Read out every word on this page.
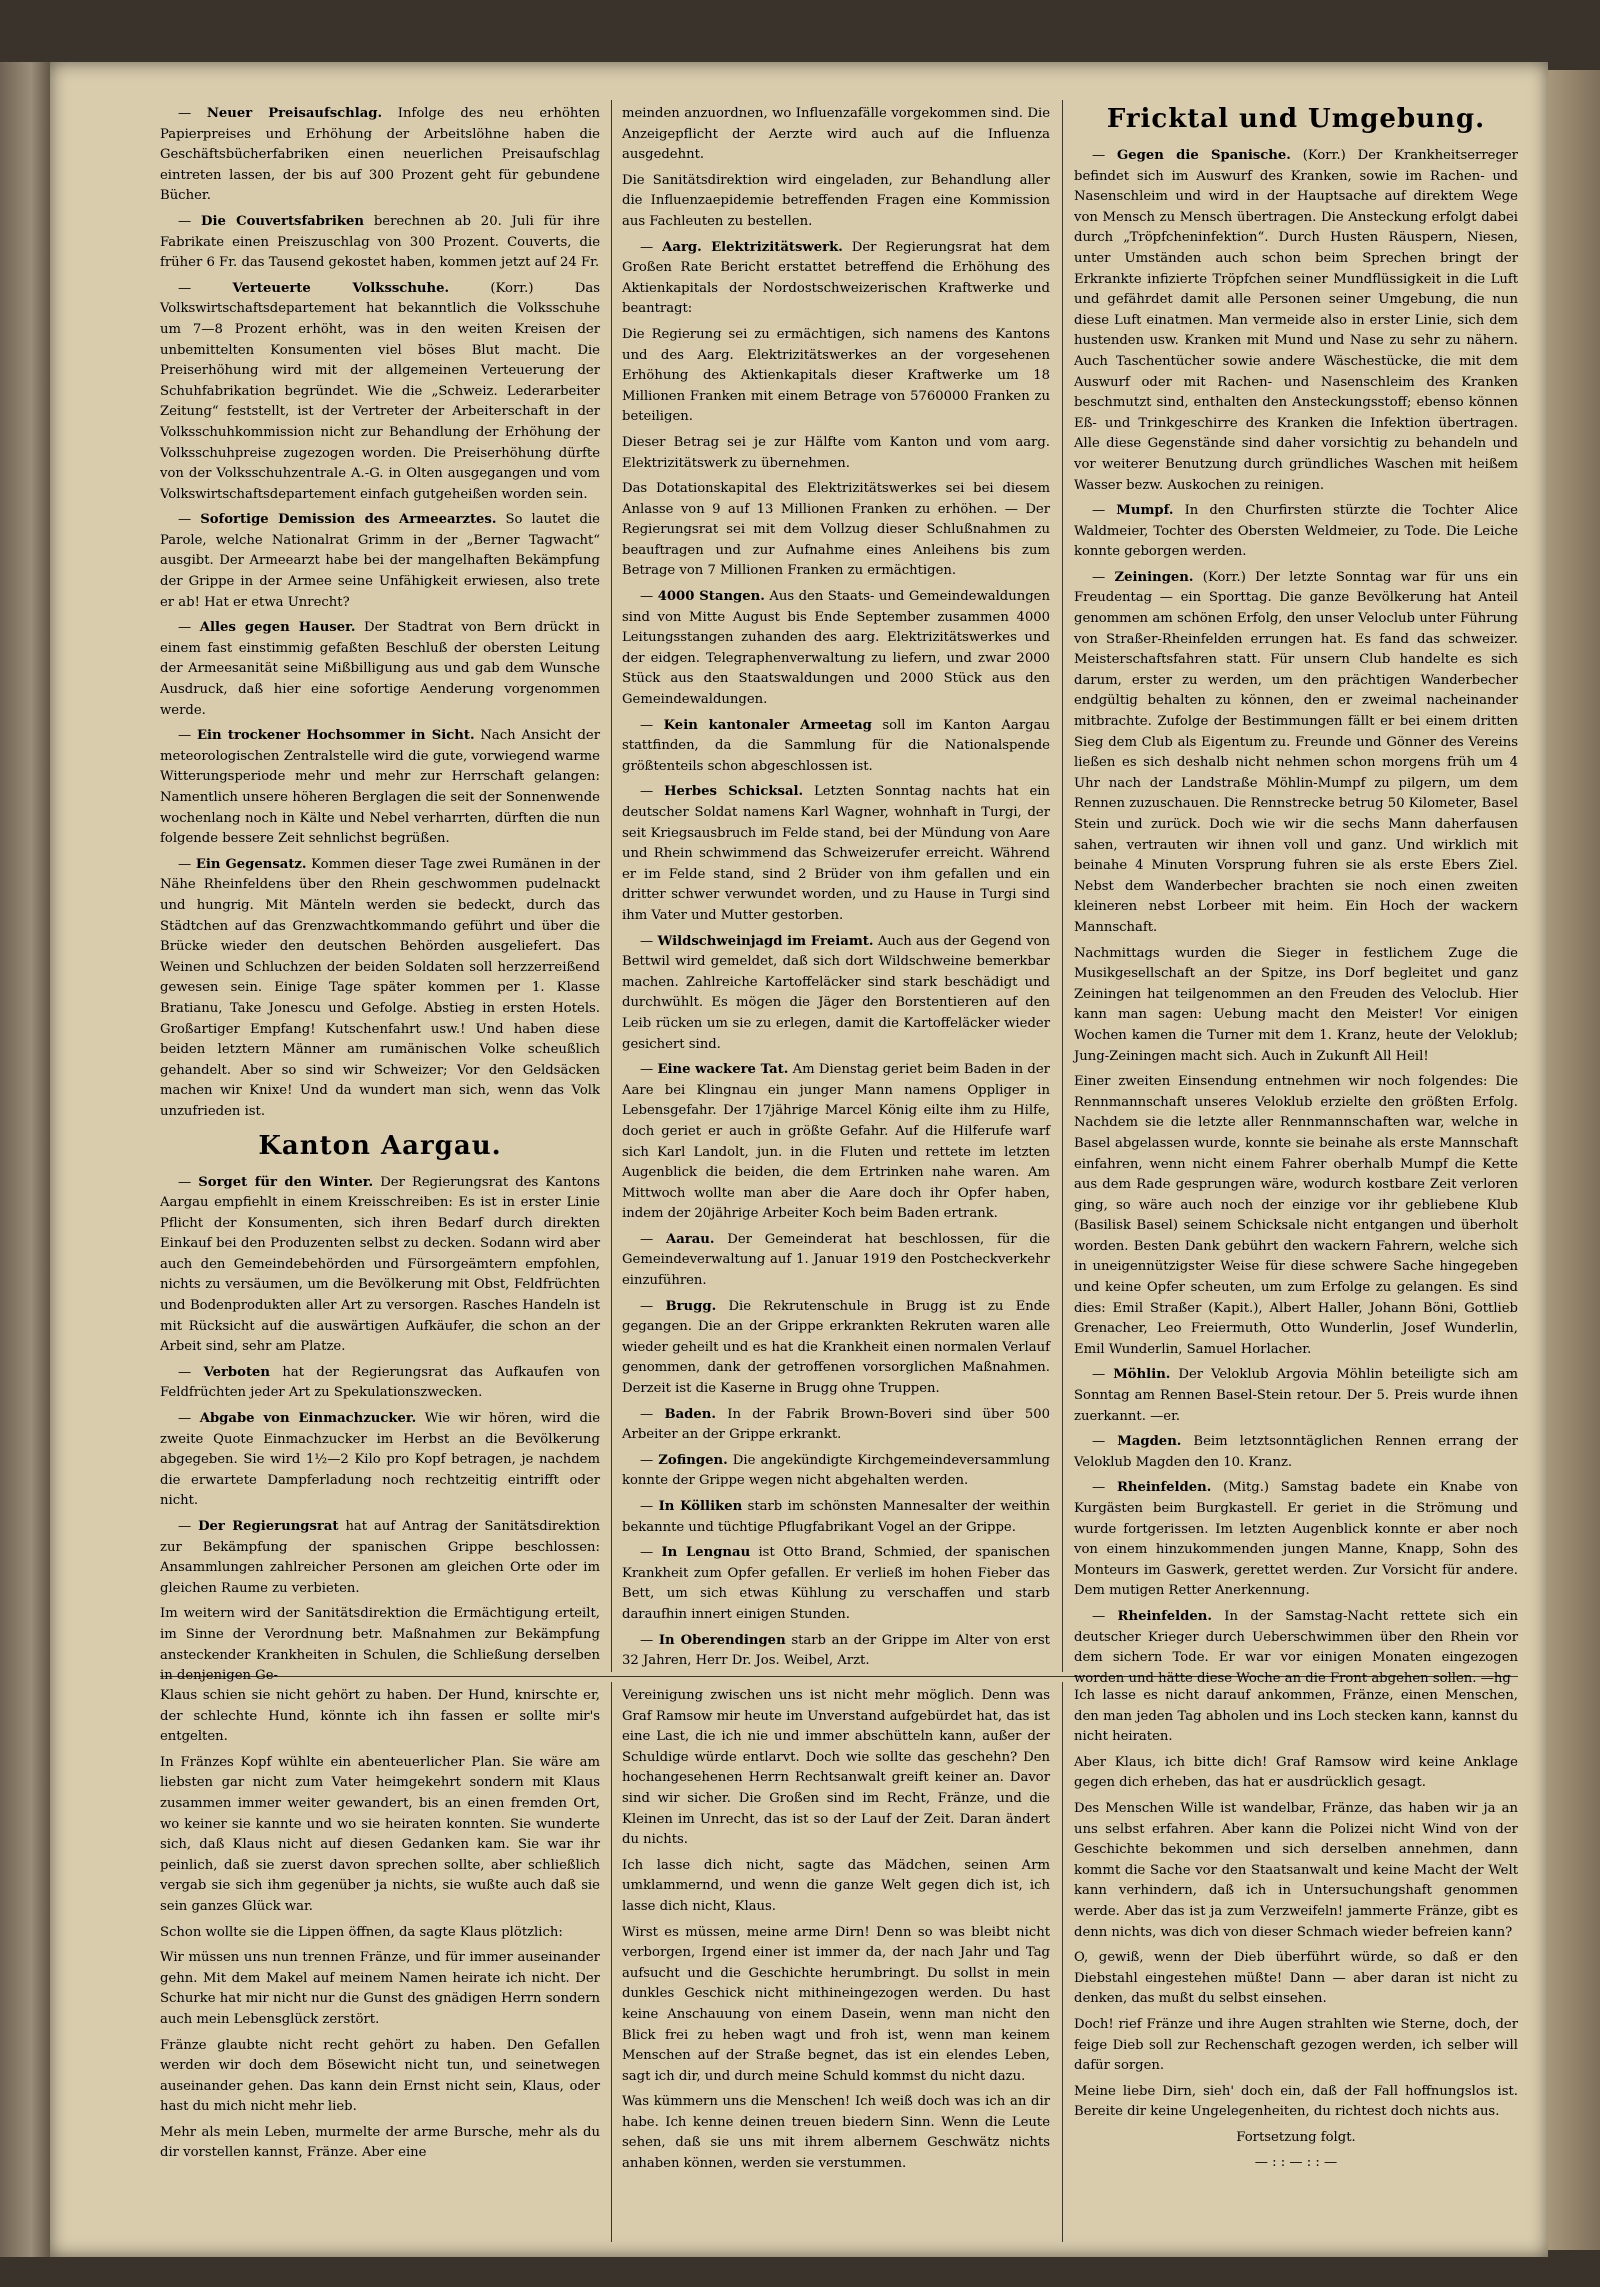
— Neuer Preisaufschlag. Infolge des neu erhöhten Papierpreises und Erhöhung der Arbeitslöhne haben die Geschäftsbücherfabriken einen neuerlichen Preisaufschlag eintreten lassen, der bis auf 300 Prozent geht für gebundene Bücher.

— Die Couvertsfabriken berechnen ab 20. Juli für ihre Fabrikate einen Preiszuschlag von 300 Prozent. Couverts, die früher 6 Fr. das Tausend gekostet haben, kommen jetzt auf 24 Fr.

— Verteuerte Volksschuhe.	(Korr.) Das Volkswirtschaftsdepartement hat bekanntlich die Volksschuhe um 7—8 Prozent erhöht, was in den weiten Kreisen der unbemittelten Konsumenten viel böses Blut macht. Die Preiserhöhung wird mit der allgemeinen Verteuerung der Schuhfabrikation begründet. Wie die „Schweiz. Lederarbeiter Zeitung“ feststellt, ist der Vertreter der Arbeiterschaft in der Volksschuhkommission nicht zur Behandlung der Erhöhung der Volksschuhpreise zugezogen worden. Die Preiserhöhung dürfte von der Volksschuhzentrale A.-G. in Olten ausgegangen und vom Volkswirtschaftsdepartement einfach gutgeheißen worden sein.

— Sofortige Demission des Armeearztes. So lautet die Parole, welche Nationalrat Grimm in der „Berner Tagwacht“ ausgibt. Der Armeearzt habe bei der mangelhaften Bekämpfung der Grippe in der Armee seine Unfähigkeit erwiesen, also trete er ab! Hat er etwa Unrecht?

— Alles gegen Hauser. Der Stadtrat von Bern drückt in einem fast einstimmig gefaßten Beschluß der obersten Leitung der Armeesanität seine Mißbilligung aus und gab dem Wunsche Ausdruck, daß hier eine sofortige Aenderung vorgenommen werde.

— Ein trockener Hochsommer in Sicht. Nach Ansicht der meteorologischen Zentralstelle wird die gute, vorwiegend warme Witterungsperiode mehr und mehr zur Herrschaft gelangen: Namentlich unsere höheren Berglagen die seit der Sonnenwende wochenlang noch in Kälte und Nebel verharrten, dürften die nun folgende bessere Zeit sehnlichst begrüßen.

— Ein Gegensatz. Kommen dieser Tage zwei Rumänen in der Nähe Rheinfeldens über den Rhein geschwommen pudelnackt und hungrig. Mit Mänteln werden sie bedeckt, durch das Städtchen auf das Grenzwachtkommando geführt und über die Brücke wieder den deutschen Behörden ausgeliefert. Das Weinen und Schluchzen der beiden Soldaten soll herzzerreißend gewesen sein. Einige Tage später kommen per 1. Klasse Bratianu, Take Jonescu und Gefolge. Abstieg in ersten Hotels. Großartiger Empfang! Kutschenfahrt usw.! Und haben diese beiden letztern Männer am rumänischen Volke scheußlich gehandelt. Aber so sind wir Schweizer; Vor den Geldsäcken machen wir Knixe! Und da wundert man sich, wenn das Volk unzufrieden ist.

Kanton Aargau.

— Sorget für den Winter. Der Regierungsrat des Kantons Aargau empfiehlt in einem Kreisschreiben: Es ist in erster Linie Pflicht der Konsumenten, sich ihren Bedarf durch direkten Einkauf bei den Produzenten selbst zu decken. Sodann wird aber auch den Gemeindebehörden und Fürsorgeämtern empfohlen, nichts zu versäumen, um die Bevölkerung mit Obst, Feldfrüchten und Bodenprodukten aller Art zu versorgen. Rasches Handeln ist mit Rücksicht auf die auswärtigen Aufkäufer, die schon an der Arbeit sind, sehr am Platze.

— Verboten hat der Regierungsrat das Aufkaufen von Feldfrüchten jeder Art zu Spekulationszwecken.

— Abgabe von Einmachzucker. Wie wir hören, wird die zweite Quote Einmachzucker im Herbst an die Bevölkerung abgegeben. Sie wird 1½—2 Kilo pro Kopf betragen, je nachdem die erwartete Dampferladung noch rechtzeitig eintrifft oder nicht.

— Der Regierungsrat hat auf Antrag der Sanitätsdirektion zur Bekämpfung der spanischen Grippe beschlossen: Ansammlungen zahlreicher Personen am gleichen Orte oder im gleichen Raume zu verbieten.

Im weitern wird der Sanitätsdirektion die Ermächtigung erteilt, im Sinne der Verordnung betr. Maßnahmen zur Bekämpfung ansteckender Krankheiten in Schulen, die Schließung derselben in denjenigen Ge-

meinden anzuordnen, wo Influenzafälle vorgekommen sind. Die Anzeigepflicht der Aerzte wird auch auf die Influenza ausgedehnt.

Die Sanitätsdirektion wird eingeladen, zur Behandlung aller die Influenzaepidemie betreffenden Fragen eine Kommission aus Fachleuten zu bestellen.

— Aarg. Elektrizitätswerk. Der Regierungsrat hat dem Großen Rate Bericht erstattet betreffend die Erhöhung des Aktienkapitals der Nordostschweizerischen Kraftwerke und beantragt:

Die Regierung sei zu ermächtigen, sich namens des Kantons und des Aarg. Elektrizitätswerkes an der vorgesehenen Erhöhung des Aktienkapitals dieser Kraftwerke um 18 Millionen Franken mit einem Betrage von 5760000 Franken zu beteiligen.

Dieser Betrag sei je zur Hälfte vom Kanton und vom aarg. Elektrizitätswerk zu übernehmen.

Das Dotationskapital des Elektrizitätswerkes sei bei diesem Anlasse von 9 auf 13 Millionen Franken zu erhöhen. — Der Regierungsrat sei mit dem Vollzug dieser Schlußnahmen zu beauftragen und zur Aufnahme eines Anleihens bis zum Betrage von 7 Millionen Franken zu ermächtigen.

— 4000 Stangen. Aus den Staats- und Gemeindewaldungen sind von Mitte August bis Ende September zusammen 4000 Leitungsstangen zuhanden des aarg. Elektrizitätswerkes und der eidgen. Telegraphenverwaltung zu liefern, und zwar 2000 Stück aus den Staatswaldungen und 2000 Stück aus den Gemeindewaldungen.

— Kein kantonaler Armeetag soll im Kanton Aargau stattfinden, da die Sammlung für die Nationalspende größtenteils schon abgeschlossen ist.

— Herbes Schicksal. Letzten Sonntag nachts hat ein deutscher Soldat namens Karl Wagner, wohnhaft in Turgi, der seit Kriegsausbruch im Felde stand, bei der Mündung von Aare und Rhein schwimmend das Schweizerufer erreicht. Während er im Felde stand, sind 2 Brüder von ihm gefallen und ein dritter schwer verwundet worden, und zu Hause in Turgi sind ihm Vater und Mutter gestorben.

— Wildschweinjagd im Freiamt. Auch aus der Gegend von Bettwil wird gemeldet, daß sich dort Wildschweine bemerkbar machen. Zahlreiche Kartoffeläcker sind stark beschädigt und durchwühlt. Es mögen die Jäger den Borstentieren auf den Leib rücken um sie zu erlegen, damit die Kartoffeläcker wieder gesichert sind.

— Eine wackere Tat. Am Dienstag geriet beim Baden in der Aare bei Klingnau ein junger Mann namens Oppliger in Lebensgefahr. Der 17jährige Marcel König eilte ihm zu Hilfe, doch geriet er auch in größte Gefahr. Auf die Hilferufe warf sich Karl Landolt, jun. in die Fluten und rettete im letzten Augenblick die beiden, die dem Ertrinken nahe waren. Am Mittwoch wollte man aber die Aare doch ihr Opfer haben, indem der 20jährige Arbeiter Koch beim Baden ertrank.

— Aarau. Der Gemeinderat hat beschlossen, für die Gemeindeverwaltung auf 1. Januar 1919 den Postcheckverkehr einzuführen.

— Brugg. Die Rekrutenschule in Brugg ist zu Ende gegangen. Die an der Grippe erkrankten Rekruten waren alle wieder geheilt und es hat die Krankheit einen normalen Verlauf genommen, dank der getroffenen vorsorglichen Maßnahmen. Derzeit ist die Kaserne in Brugg ohne Truppen.

— Baden. In der Fabrik Brown-Boveri sind über 500 Arbeiter an der Grippe erkrankt.

— Zofingen. Die angekündigte Kirchgemeindeversammlung konnte der Grippe wegen nicht abgehalten werden.

— In Kölliken starb im schönsten Mannesalter der weithin bekannte und tüchtige Pflugfabrikant Vogel an der Grippe.

— In Lengnau ist Otto Brand, Schmied, der spanischen Krankheit zum Opfer gefallen. Er verließ im hohen Fieber das Bett, um sich etwas Kühlung zu verschaffen und starb daraufhin innert einigen Stunden.

— In Oberendingen starb an der Grippe im Alter von erst 32 Jahren, Herr Dr. Jos. Weibel, Arzt.

Fricktal und Umgebung.

— Gegen die Spanische. (Korr.) Der Krankheitserreger befindet sich im Auswurf des Kranken, sowie im Rachen- und Nasenschleim und wird in der Hauptsache auf direktem Wege von Mensch zu Mensch übertragen. Die Ansteckung erfolgt dabei durch „Tröpfcheninfektion“. Durch Husten Räuspern, Niesen, unter Umständen auch schon beim Sprechen bringt der Erkrankte infizierte Tröpfchen seiner Mundflüssigkeit in die Luft und gefährdet damit alle Personen seiner Umgebung, die nun diese Luft einatmen. Man vermeide also in erster Linie, sich dem hustenden usw. Kranken mit Mund und Nase zu sehr zu nähern. Auch Taschentücher sowie andere Wäschestücke, die mit dem Auswurf oder mit Rachen- und Nasenschleim des Kranken beschmutzt sind, enthalten den Ansteckungsstoff; ebenso können Eß- und Trinkgeschirre des Kranken die Infektion übertragen. Alle diese Gegenstände sind daher vorsichtig zu behandeln und vor weiterer Benutzung durch gründliches Waschen mit heißem Wasser bezw. Auskochen zu reinigen.

— Mumpf. In den Churfirsten stürzte die Tochter Alice Waldmeier, Tochter des Obersten Weldmeier, zu Tode. Die Leiche konnte geborgen werden.

— Zeiningen. (Korr.) Der letzte Sonntag war für uns ein Freudentag — ein Sporttag. Die ganze Bevölkerung hat Anteil genommen am schönen Erfolg, den unser Veloclub unter Führung von Straßer-Rheinfelden errungen hat. Es fand das schweizer. Meisterschaftsfahren statt. Für unsern Club handelte es sich darum, erster zu werden, um den prächtigen Wanderbecher endgültig behalten zu können, den er zweimal nacheinander mitbrachte. Zufolge der Bestimmungen fällt er bei einem dritten Sieg dem Club als Eigentum zu. Freunde und Gönner des Vereins ließen es sich deshalb nicht nehmen schon morgens früh um 4 Uhr nach der Landstraße Möhlin-Mumpf zu pilgern, um dem Rennen zuzuschauen. Die Rennstrecke betrug 50 Kilometer, Basel Stein und zurück. Doch wie wir die sechs Mann daherfausen sahen, vertrauten wir ihnen voll und ganz. Und wirklich mit beinahe 4 Minuten Vorsprung fuhren sie als erste Ebers Ziel. Nebst dem Wanderbecher brachten sie noch einen zweiten kleineren nebst Lorbeer mit heim. Ein Hoch der wackern Mannschaft.

Nachmittags wurden die Sieger in festlichem Zuge die Musikgesellschaft an der Spitze, ins Dorf begleitet und ganz Zeiningen hat teilgenommen an den Freuden des Veloclub. Hier kann man sagen: Uebung macht den Meister! Vor einigen Wochen kamen die Turner mit dem 1. Kranz, heute der Veloklub; Jung-Zeiningen macht sich. Auch in Zukunft All Heil!

Einer zweiten Einsendung entnehmen wir noch folgendes: Die Rennmannschaft unseres Veloklub erzielte den größten Erfolg. Nachdem sie die letzte aller Rennmannschaften war, welche in Basel abgelassen wurde, konnte sie beinahe als erste Mannschaft einfahren, wenn nicht einem Fahrer oberhalb Mumpf die Kette aus dem Rade gesprungen wäre, wodurch kostbare Zeit verloren ging, so wäre auch noch der einzige vor ihr gebliebene Klub (Basilisk Basel) seinem Schicksale nicht entgangen und überholt worden. Besten Dank gebührt den wackern Fahrern, welche sich in uneigennützigster Weise für diese schwere Sache hingegeben und keine Opfer scheuten, um zum Erfolge zu gelangen. Es sind dies: Emil Straßer (Kapit.), Albert Haller, Johann Böni, Gottlieb Grenacher, Leo Freiermuth, Otto Wunderlin, Josef Wunderlin, Emil Wunderlin, Samuel Horlacher.

— Möhlin. Der Veloklub Argovia Möhlin beteiligte sich am Sonntag am Rennen Basel-Stein retour. Der 5. Preis wurde ihnen zuerkannt. —er.

— Magden. Beim letztsonntäglichen Rennen errang der Veloklub Magden den 10. Kranz.

— Rheinfelden. (Mitg.) Samstag badete ein Knabe von Kurgästen beim Burgkastell. Er geriet in die Strömung und wurde fortgerissen. Im letzten Augenblick konnte er aber noch von einem hinzukommenden jungen Manne, Knapp, Sohn des Monteurs im Gaswerk, gerettet werden. Zur Vorsicht für andere. Dem mutigen Retter Anerkennung.

— Rheinfelden. In der Samstag-Nacht rettete sich ein deutscher Krieger durch Ueberschwimmen über den Rhein vor dem sichern Tode. Er war vor einigen Monaten eingezogen worden und hätte diese Woche an die Front abgehen sollen. —hg

Klaus schien sie nicht gehört zu haben. Der Hund, knirschte er, der schlechte Hund, könnte ich ihn fassen er sollte mir's entgelten.

In Fränzes Kopf wühlte ein abenteuerlicher Plan. Sie wäre am liebsten gar nicht zum Vater heimgekehrt sondern mit Klaus zusammen immer weiter gewandert, bis an einen fremden Ort, wo keiner sie kannte und wo sie heiraten konnten. Sie wunderte sich, daß Klaus nicht auf diesen Gedanken kam. Sie war ihr peinlich, daß sie zuerst davon sprechen sollte, aber schließlich vergab sie sich ihm gegenüber ja nichts, sie wußte auch daß sie sein ganzes Glück war.

Schon wollte sie die Lippen öffnen, da sagte Klaus plötzlich:

Wir müssen uns nun trennen Fränze, und für immer auseinander gehn. Mit dem Makel auf meinem Namen heirate ich nicht. Der Schurke hat mir nicht nur die Gunst des gnädigen Herrn sondern auch mein Lebensglück zerstört.

Fränze glaubte nicht recht gehört zu haben. Den Gefallen werden wir doch dem Bösewicht nicht tun, und seinetwegen auseinander gehen. Das kann dein Ernst nicht sein, Klaus, oder hast du mich nicht mehr lieb.

Mehr als mein Leben, murmelte der arme Bursche, mehr als du dir vorstellen kannst, Fränze. Aber eine

Vereinigung zwischen uns ist nicht mehr möglich. Denn was Graf Ramsow mir heute im Unverstand aufgebürdet hat, das ist eine Last, die ich nie und immer abschütteln kann, außer der Schuldige würde entlarvt. Doch wie sollte das geschehn? Den hochangesehenen Herrn Rechtsanwalt greift keiner an. Davor sind wir sicher. Die Großen sind im Recht, Fränze, und die Kleinen im Unrecht, das ist so der Lauf der Zeit. Daran ändert du nichts.

Ich lasse dich nicht, sagte das Mädchen, seinen Arm umklammernd, und wenn die ganze Welt gegen dich ist, ich lasse dich nicht, Klaus.

Wirst es müssen, meine arme Dirn! Denn so was bleibt nicht verborgen, Irgend einer ist immer da, der nach Jahr und Tag aufsucht und die Geschichte herumbringt. Du sollst in mein dunkles Geschick nicht mithineingezogen werden. Du hast keine Anschauung von einem Dasein, wenn man nicht den Blick frei zu heben wagt und froh ist, wenn man keinem Menschen auf der Straße begnet, das ist ein elendes Leben, sagt ich dir, und durch meine Schuld kommst du nicht dazu.

Was kümmern uns die Menschen! Ich weiß doch was ich an dir habe. Ich kenne deinen treuen biedern Sinn. Wenn die Leute sehen, daß sie uns mit ihrem albernem Geschwätz nichts anhaben können, werden sie verstummen.

Ich lasse es nicht darauf ankommen, Fränze, einen Menschen, den man jeden Tag abholen und ins Loch stecken kann, kannst du nicht heiraten.

Aber Klaus, ich bitte dich! Graf Ramsow wird keine Anklage gegen dich erheben, das hat er ausdrücklich gesagt.

Des Menschen Wille ist wandelbar, Fränze, das haben wir ja an uns selbst erfahren. Aber kann die Polizei nicht Wind von der Geschichte bekommen und sich derselben annehmen, dann kommt die Sache vor den Staatsanwalt und keine Macht der Welt kann verhindern, daß ich in Untersuchungshaft genommen werde. Aber das ist ja zum Verzweifeln! jammerte Fränze, gibt es denn nichts, was dich von dieser Schmach wieder befreien kann?

O, gewiß, wenn der Dieb überführt würde, so daß er den Diebstahl eingestehen müßte! Dann — aber daran ist nicht zu denken, das mußt du selbst einsehen.

Doch! rief Fränze und ihre Augen strahlten wie Sterne, doch, der feige Dieb soll zur Rechenschaft gezogen werden, ich selber will dafür sorgen.

Meine liebe Dirn, sieh' doch ein, daß der Fall hoffnungslos ist. Bereite dir keine Ungelegenheiten, du richtest doch nichts aus.

Fortsetzung folgt.

— : : — : : —
